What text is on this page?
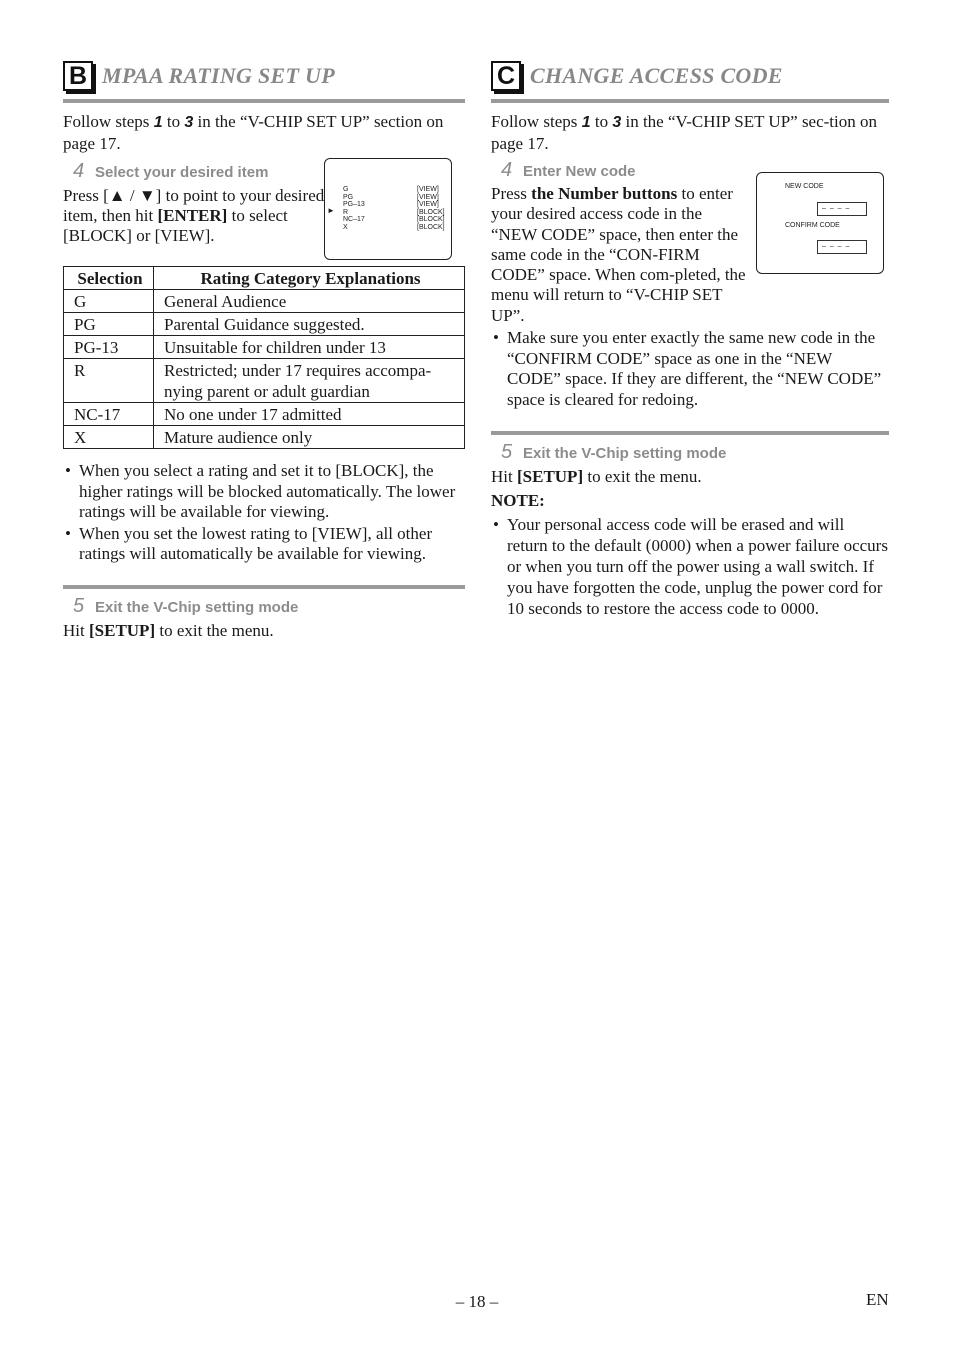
B MPAA RATING SET UP

Follow steps 1 to 3 in the “V-CHIP SET UP” section on page 17.

4 Select your desired item

Press [▲ / ▼] to point to your desired item, then hit [ENTER] to select [BLOCK] or [VIEW].

G	[VIEW]
PG	[VIEW]
PG–13	[VIEW]
R	[BLOCK]
NC–17	[BLOCK]
X	[BLOCK]
►
Selection	Rating Category Explanations
G	General Audience
PG	Parental Guidance suggested.
PG-13	Unsuitable for children under 13
R	Restricted; under 17 requires accompa-nying parent or adult guardian
NC-17	No one under 17 admitted
X	Mature audience only
• When you select a rating and set it to [BLOCK], the higher ratings will be blocked automatically. The lower ratings will be available for viewing.
• When you set the lowest rating to [VIEW], all other ratings will automatically be available for viewing.
5 Exit the V-Chip setting mode

Hit [SETUP] to exit the menu.

C CHANGE ACCESS CODE

Follow steps 1 to 3 in the “V-CHIP SET UP” sec-tion on page 17.

4 Enter New code

Press the Number buttons to enter your desired access code in the “NEW CODE” space, then enter the same code in the “CON-FIRM CODE” space. When com-pleted, the menu will return to “V-CHIP SET UP”.

NEW CODE
– – – –
CONFIRM CODE
– – – –
• Make sure you enter exactly the same new code in the “CONFIRM CODE” space as one in the “NEW CODE” space. If they are different, the “NEW CODE” space is cleared for redoing.
5 Exit the V-Chip setting mode

Hit [SETUP] to exit the menu.

NOTE:

• Your personal access code will be erased and will return to the default (0000) when a power failure occurs or when you turn off the power using a wall switch. If you have forgotten the code, unplug the power cord for 10 seconds to restore the access code to 0000.
– 18 –	EN
